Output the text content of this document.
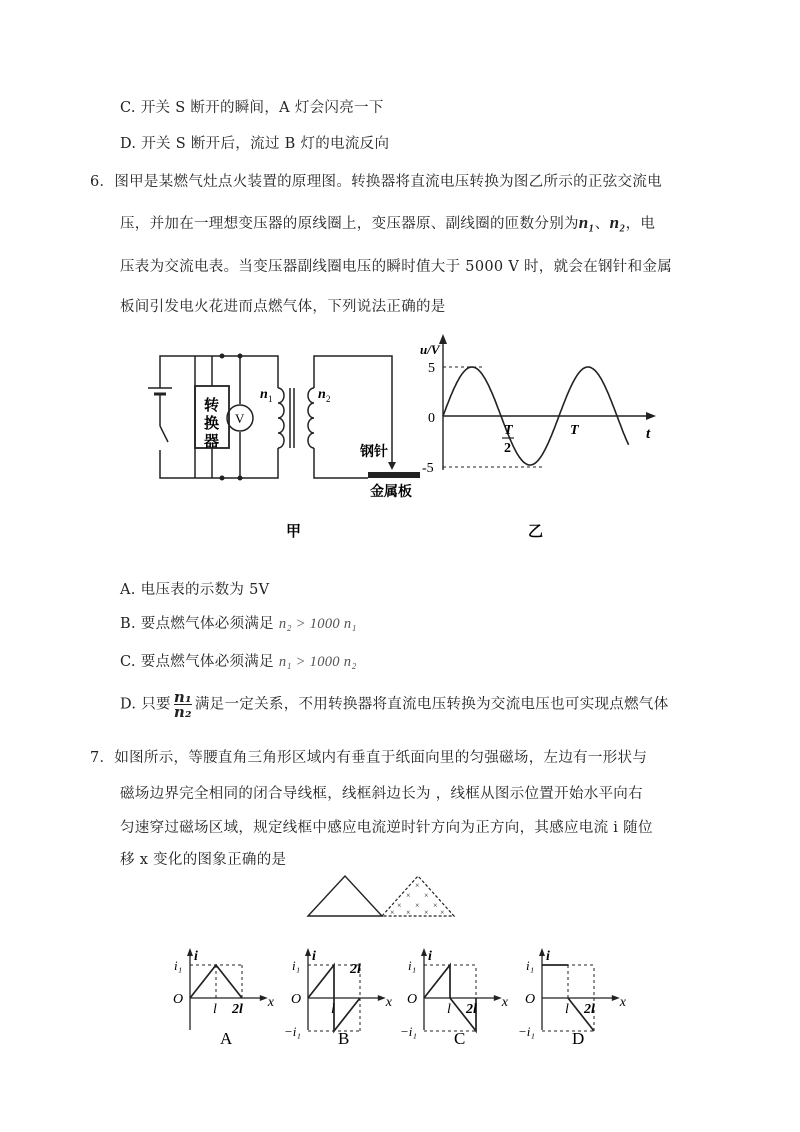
C. 开关 S 断开的瞬间，A 灯会闪亮一下
D. 开关 S 断开后，流过 B 灯的电流反向
6．图甲是某燃气灶点火装置的原理图。转换器将直流电压转换为图乙所示的正弦交流电
压，并加在一理想变压器的原线圈上，变压器原、副线圈的匝数分别为n₁、n₂，电
压表为交流电表。当变压器副线圈电压的瞬时值大于 5000 V 时，就会在钢针和金属
板间引发电火花进而点燃气体，下列说法正确的是
转
换
器
V
n 1	n 2
钢针
金属板
甲
u/V
5
0
-5
T
2
T	t
乙
A. 电压表的示数为 5V
B. 要点燃气体必须满足 n₂ > 1000 n₁
C. 要点燃气体必须满足 n₁ > 1000 n₂
D. 只要 $\frac{\text{n₁}}{\text{n₂}}$ 满足一定关系，不用转换器将直流电压转换为交流电压也可实现点燃气体
7．如图所示，等腰直角三角形区域内有垂直于纸面向里的匀强磁场，左边有一形状与
磁场边界完全相同的闭合导线框，线框斜边长为 ，线框从图示位置开始水平向右
匀速穿过磁场区域，规定线框中感应电流逆时针方向为正方向，其感应电流 i 随位
移 x 变化的图象正确的是
×
× ×
× × ×
× × × ×
i₁
i
O
l 2l x
A
i₁
i
O
l
2l
x
−i₁ B
i₁
i
O
l 2l x
−i₁ C
i₁
i
O
l 2l x
−i₁ D
